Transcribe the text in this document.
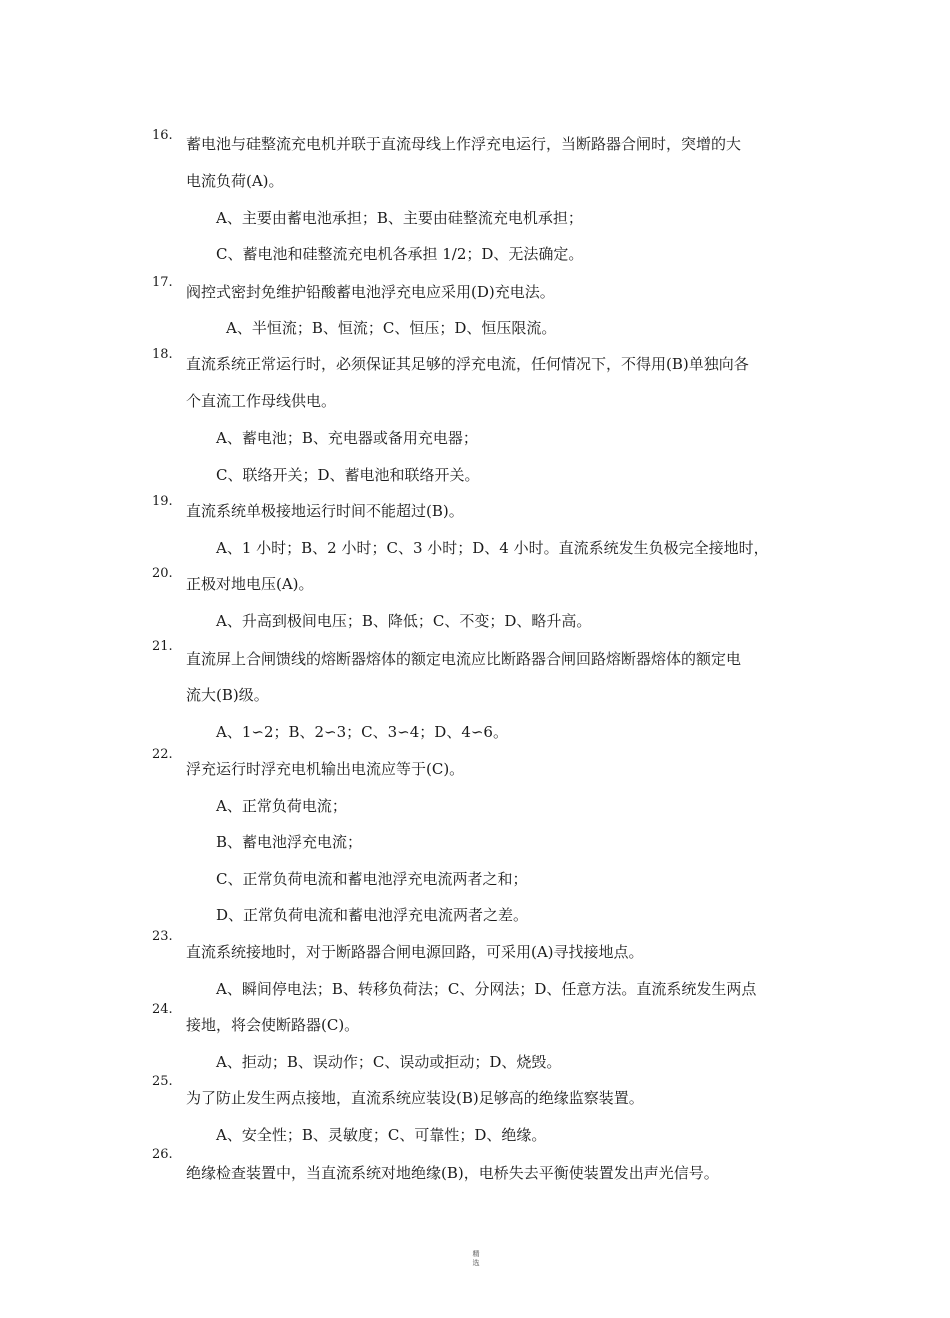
16.
17.
18.
19.
20.
21.
22.
23.
24.
25.
26.
蓄电池与硅整流充电机并联于直流母线上作浮充电运行，当断路器合闸时，突增的大
电流负荷(A)。
A、主要由蓄电池承担；B、主要由硅整流充电机承担；
C、蓄电池和硅整流充电机各承担 1/2；D、无法确定。
阀控式密封免维护铅酸蓄电池浮充电应采用(D)充电法。
A、半恒流；B、恒流；C、恒压；D、恒压限流。
直流系统正常运行时，必须保证其足够的浮充电流，任何情况下，不得用(B)单独向各
个直流工作母线供电。
A、蓄电池；B、充电器或备用充电器；
C、联络开关；D、蓄电池和联络开关。
直流系统单极接地运行时间不能超过(B)。
A、1 小时；B、2 小时；C、3 小时；D、4 小时。直流系统发生负极完全接地时，
正极对地电压(A)。
A、升高到极间电压；B、降低；C、不变；D、略升高。
直流屏上合闸馈线的熔断器熔体的额定电流应比断路器合闸回路熔断器熔体的额定电
流大(B)级。
A、1∽2；B、2∽3；C、3∽4；D、4∽6。
浮充运行时浮充电机输出电流应等于(C)。
A、正常负荷电流；
B、蓄电池浮充电流；
C、正常负荷电流和蓄电池浮充电流两者之和；
D、正常负荷电流和蓄电池浮充电流两者之差。
直流系统接地时，对于断路器合闸电源回路，可采用(A)寻找接地点。
A、瞬间停电法；B、转移负荷法；C、分网法；D、任意方法。直流系统发生两点
接地，将会使断路器(C)。
A、拒动；B、误动作；C、误动或拒动；D、烧毁。
为了防止发生两点接地，直流系统应装设(B)足够高的绝缘监察装置。
A、安全性；B、灵敏度；C、可靠性；D、绝缘。
绝缘检查装置中，当直流系统对地绝缘(B)，电桥失去平衡使装置发出声光信号。
精
选
